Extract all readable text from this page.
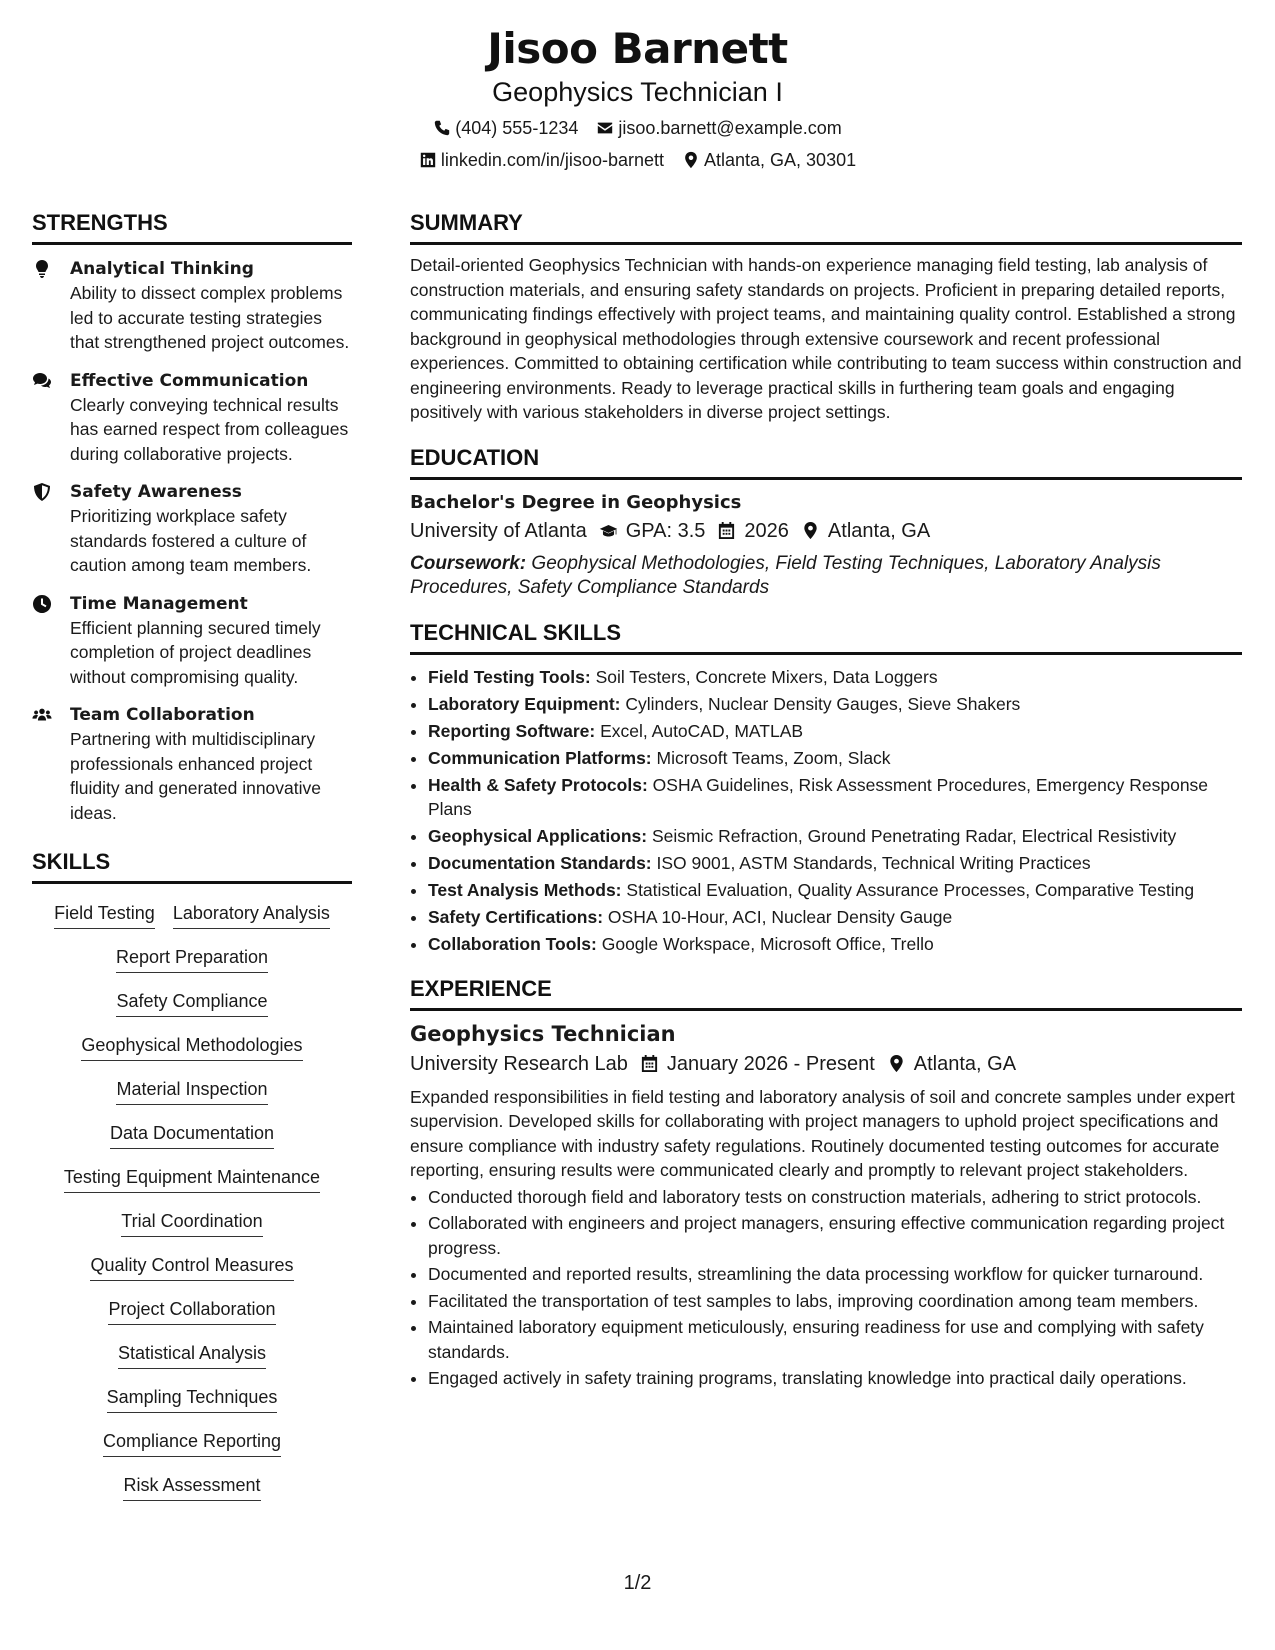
Jisoo Barnett
Geophysics Technician I
(404) 555-1234 jisoo.barnett@example.com
linkedin.com/in/jisoo-barnett Atlanta, GA, 30301
STRENGTHS
Analytical Thinking
Ability to dissect complex problems led to accurate testing strategies that strengthened project outcomes.
Effective Communication
Clearly conveying technical results has earned respect from colleagues during collaborative projects.
Safety Awareness
Prioritizing workplace safety standards fostered a culture of caution among team members.
Time Management
Efficient planning secured timely completion of project deadlines without compromising quality.
Team Collaboration
Partnering with multidisciplinary professionals enhanced project fluidity and generated innovative ideas.
SKILLS
Field Testing Laboratory Analysis
Report Preparation
Safety Compliance
Geophysical Methodologies
Material Inspection
Data Documentation
Testing Equipment Maintenance
Trial Coordination
Quality Control Measures
Project Collaboration
Statistical Analysis
Sampling Techniques
Compliance Reporting
Risk Assessment
SUMMARY
Detail-oriented Geophysics Technician with hands-on experience managing field testing, lab analysis of construction materials, and ensuring safety standards on projects. Proficient in preparing detailed reports, communicating findings effectively with project teams, and maintaining quality control. Established a strong background in geophysical methodologies through extensive coursework and recent professional experiences. Committed to obtaining certification while contributing to team success within construction and engineering environments. Ready to leverage practical skills in furthering team goals and engaging positively with various stakeholders in diverse project settings.
EDUCATION
Bachelor's Degree in Geophysics
University of Atlanta GPA: 3.5 2026 Atlanta, GA
Coursework: Geophysical Methodologies, Field Testing Techniques, Laboratory Analysis Procedures, Safety Compliance Standards
TECHNICAL SKILLS
• Field Testing Tools: Soil Testers, Concrete Mixers, Data Loggers
• Laboratory Equipment: Cylinders, Nuclear Density Gauges, Sieve Shakers
• Reporting Software: Excel, AutoCAD, MATLAB
• Communication Platforms: Microsoft Teams, Zoom, Slack
• Health & Safety Protocols: OSHA Guidelines, Risk Assessment Procedures, Emergency Response Plans
• Geophysical Applications: Seismic Refraction, Ground Penetrating Radar, Electrical Resistivity
• Documentation Standards: ISO 9001, ASTM Standards, Technical Writing Practices
• Test Analysis Methods: Statistical Evaluation, Quality Assurance Processes, Comparative Testing
• Safety Certifications: OSHA 10-Hour, ACI, Nuclear Density Gauge
• Collaboration Tools: Google Workspace, Microsoft Office, Trello
EXPERIENCE
Geophysics Technician
University Research Lab January 2026 - Present Atlanta, GA
Expanded responsibilities in field testing and laboratory analysis of soil and concrete samples under expert supervision. Developed skills for collaborating with project managers to uphold project specifications and ensure compliance with industry safety regulations. Routinely documented testing outcomes for accurate reporting, ensuring results were communicated clearly and promptly to relevant project stakeholders.
• Conducted thorough field and laboratory tests on construction materials, adhering to strict protocols.
• Collaborated with engineers and project managers, ensuring effective communication regarding project progress.
• Documented and reported results, streamlining the data processing workflow for quicker turnaround.
• Facilitated the transportation of test samples to labs, improving coordination among team members.
• Maintained laboratory equipment meticulously, ensuring readiness for use and complying with safety standards.
• Engaged actively in safety training programs, translating knowledge into practical daily operations.
1/2
